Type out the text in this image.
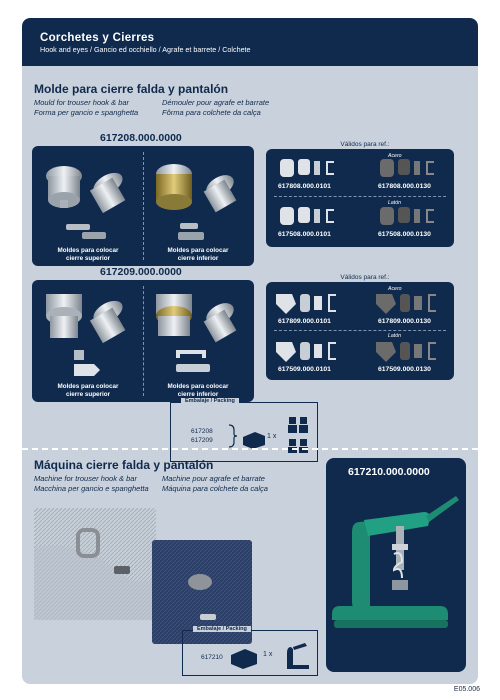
Corchetes y Cierres
Hook and eyes / Gancio ed occhiello / Agrafe et barrete / Colchete
Molde para cierre falda y pantalón
Mould for trouser hook & bar	Démouler pour agrafe et barrate
Forma per gancio e spanghetta	Fôrma para colchete da calça
617208.000.0000
Moldes para colocar
cierre superior
Moldes para colocar
cierre inferior
Válidos para ref.:
Acero
617808.000.0101	617808.000.0130
Latón
617508.000.0101	617508.000.0130
617209.000.0000
Moldes para colocar
cierre superior
Moldes para colocar
cierre inferior
Válidos para ref.:
Acero
617809.000.0101	617809.000.0130
Latón
617509.000.0101	617509.000.0130
Embalaje / Packing
617208
617209
1 x
Máquina cierre falda y pantalón
Machine for trouser hook & bar	Machine pour agrafe et barrate
Macchina per gancio e spanghetta Máquina para colchete da calça
617210.000.0000
Embalaje / Packing
617210	1 x
E05.006
